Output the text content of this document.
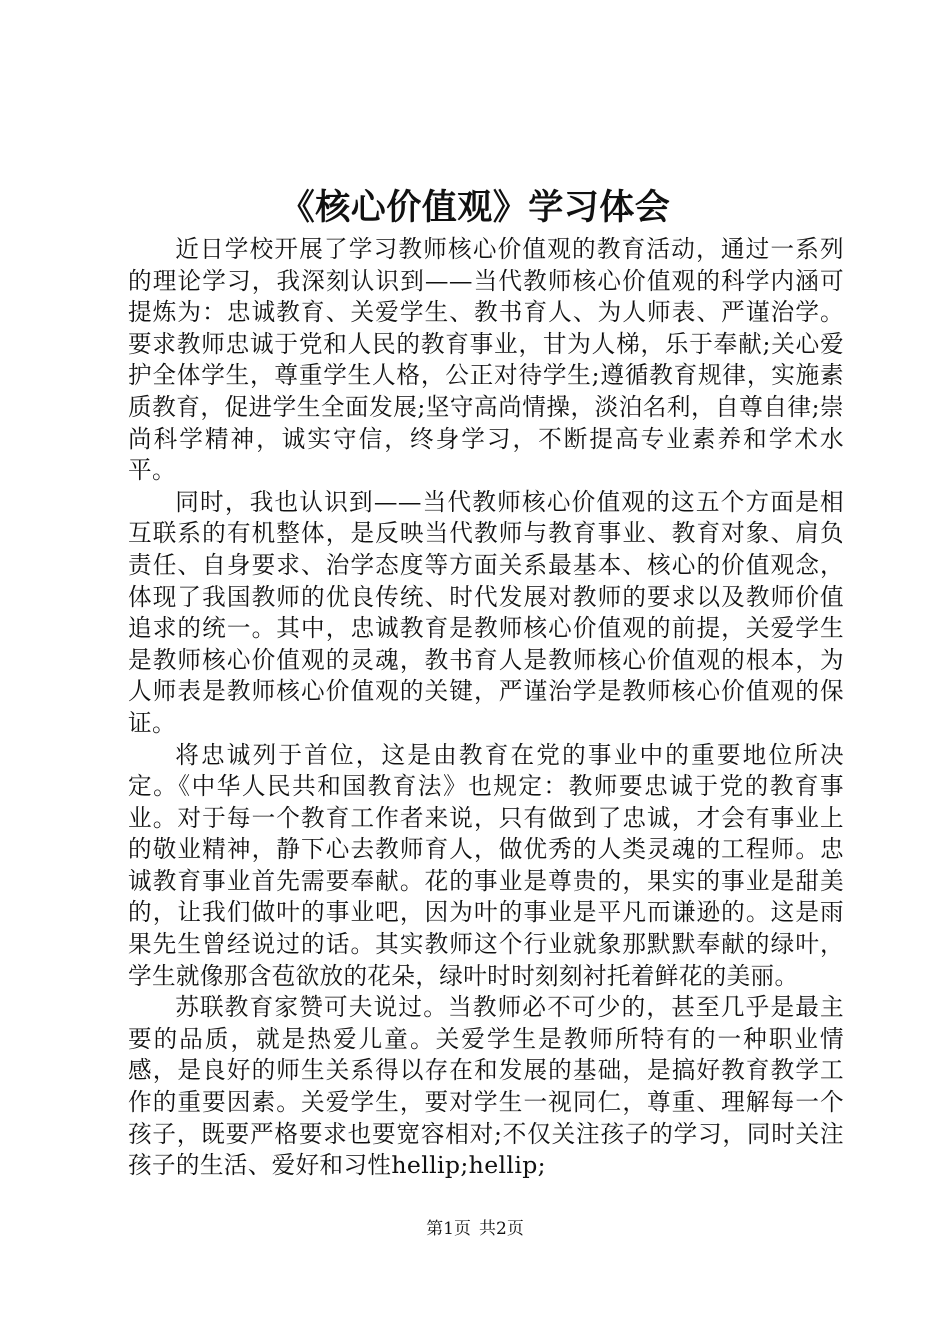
《核心价值观》学习体会

近日学校开展了学习教师核心价值观的教育活动，通过一系列的理论学习，我深刻认识到——当代教师核心价值观的科学内涵可提炼为：忠诚教育、关爱学生、教书育人、为人师表、严谨治学。要求教师忠诚于党和人民的教育事业，甘为人梯，乐于奉献;关心爱护全体学生，尊重学生人格，公正对待学生;遵循教育规律，实施素质教育，促进学生全面发展;坚守高尚情操，淡泊名利，自尊自律;崇尚科学精神，诚实守信，终身学习，不断提高专业素养和学术水平。

同时，我也认识到——当代教师核心价值观的这五个方面是相互联系的有机整体，是反映当代教师与教育事业、教育对象、肩负责任、自身要求、治学态度等方面关系最基本、核心的价值观念，体现了我国教师的优良传统、时代发展对教师的要求以及教师价值追求的统一。其中，忠诚教育是教师核心价值观的前提，关爱学生是教师核心价值观的灵魂，教书育人是教师核心价值观的根本，为人师表是教师核心价值观的关键，严谨治学是教师核心价值观的保证。

将忠诚列于首位，这是由教育在党的事业中的重要地位所决定。《中华人民共和国教育法》也规定：教师要忠诚于党的教育事业。对于每一个教育工作者来说，只有做到了忠诚，才会有事业上的敬业精神，静下心去教师育人，做优秀的人类灵魂的工程师。忠诚教育事业首先需要奉献。花的事业是尊贵的，果实的事业是甜美的，让我们做叶的事业吧，因为叶的事业是平凡而谦逊的。这是雨果先生曾经说过的话。其实教师这个行业就象那默默奉献的绿叶，学生就像那含苞欲放的花朵，绿叶时时刻刻衬托着鲜花的美丽。

苏联教育家赞可夫说过。当教师必不可少的，甚至几乎是最主要的品质，就是热爱儿童。关爱学生是教师所特有的一种职业情感，是良好的师生关系得以存在和发展的基础，是搞好教育教学工作的重要因素。关爱学生，要对学生一视同仁，尊重、理解每一个孩子，既要严格要求也要宽容相对;不仅关注孩子的学习，同时关注孩子的生活、爱好和习性hellip;hellip;

第1页 共2页
